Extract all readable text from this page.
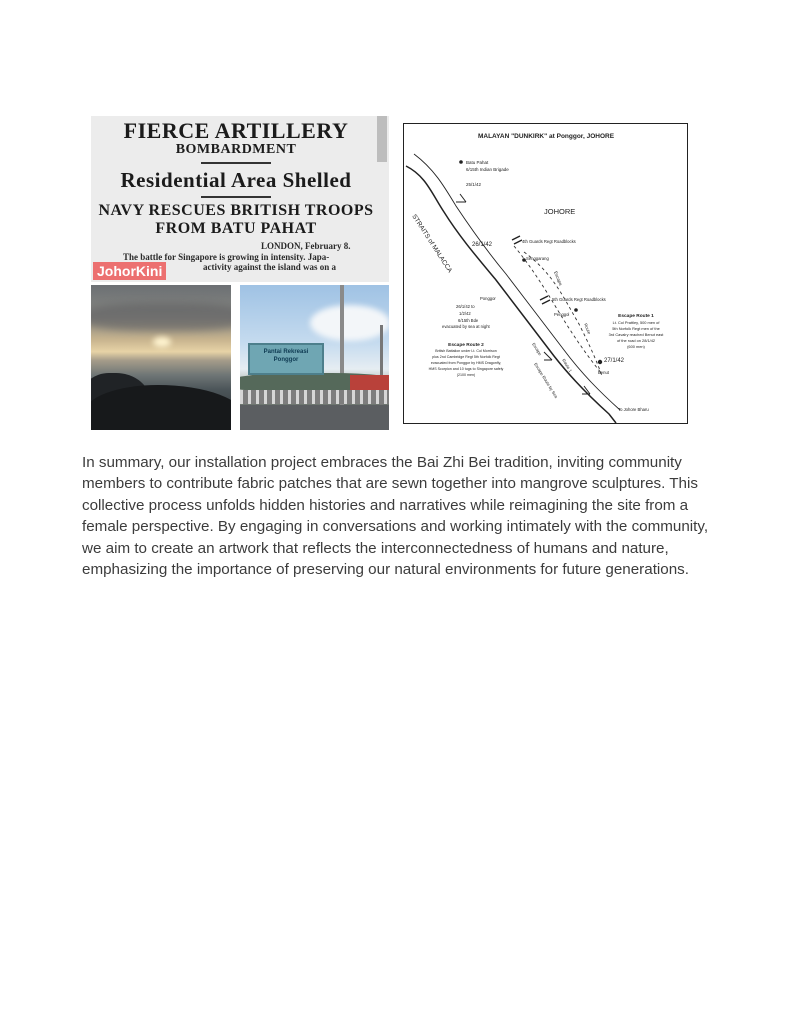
FIERCE ARTILLERY
BOMBARDMENT
Residential Area Shelled
NAVY RESCUES BRITISH TROOPS
FROM BATU PAHAT
LONDON, February 8.
The battle for Singapore is growing in intensity. Japa-
activity against the island was on a
JohorKini
Pantai Rekreasi
Ponggor
MALAYAN "DUNKIRK" at Ponggor, JOHORE
Batu Pahat
6/15th Indian Brigade
25/1/42
JOHORE
26/1/42
4th Guards Regt Roadblocks
Senggarang
STRAITS of MALACCA
Escape
Ponggor	5th Guards Regt Roadblocks
26/1/42 to
1/2/42
6/15th Bde
evacuated by sea at night
Escape Route 1
Lt. Col Prattley, 500 men of
5th Norfolk Regt men of the
3rd Cavalry reached Benut east
of the road on 28/1/42
(600 men)
Penggol
Route
Escape Route 2
British Battalion under Lt. Col Morrison
plus 2nd Cambridge Regt 5th Norfolk Regt
evacuated from Ponggor by HMS Dragonfly,
HMS Scorpion and 10 tugs to Singapore safely
(2100 men)
Escape
Escape Route by Sea Route 1	27/1/42
Benut
To Johore Bharu

In summary, our installation project embraces the Bai Zhi Bei tradition, inviting community members to contribute fabric patches that are sewn together into mangrove sculptures. This collective process unfolds hidden histories and narratives while reimagining the site from a female perspective. By engaging in conversations and working intimately with the community, we aim to create an artwork that reflects the interconnectedness of humans and nature, emphasizing the importance of preserving our natural environments for future generations.
